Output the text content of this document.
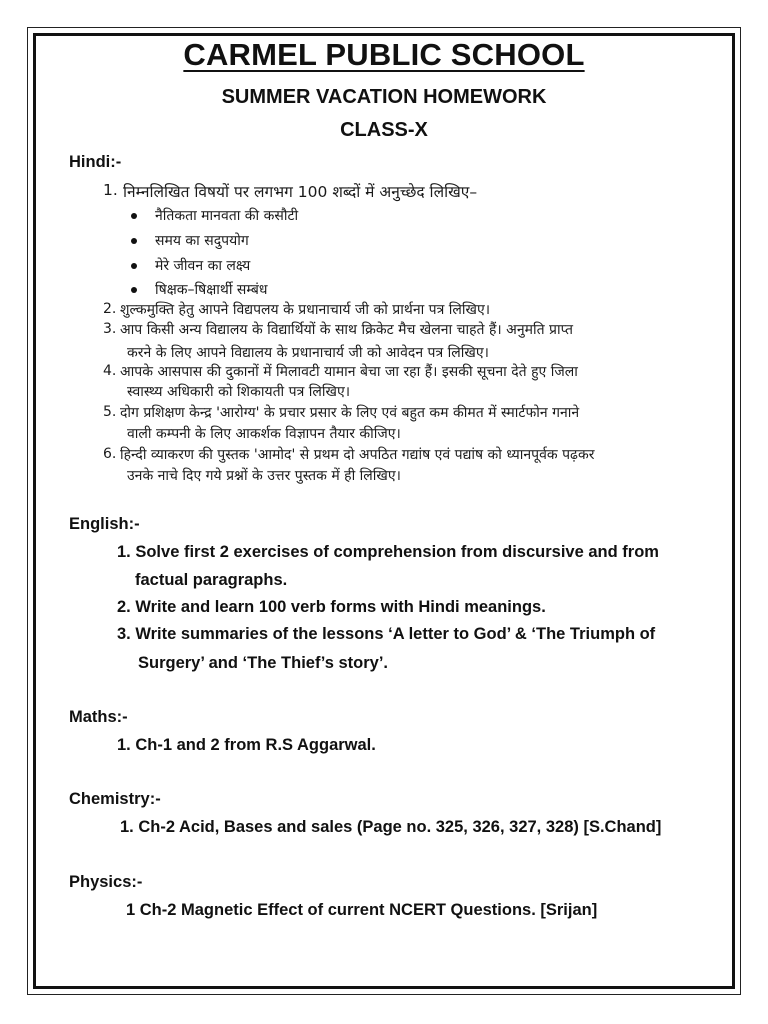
CARMEL PUBLIC SCHOOL
SUMMER VACATION HOMEWORK
CLASS-X
Hindi:-
1. निम्नलिखित विषयों पर लगभग 100 शब्दों में अनुच्छेद लिखिए–
नैतिकता मानवता की कसौटी
समय का सदुपयोग
मेरे जीवन का लक्ष्य
षिक्षक–षिक्षार्थी सम्बंध
2. शुल्कमुक्ति हेतु आपने विद्यपलय के प्रधानाचार्य जी को प्रार्थना पत्र लिखिए।
3. आप किसी अन्य विद्यालय के विद्यार्थियों के साथ क्रिकेट मैच खेलना चाहते हैं। अनुमति प्राप्त
करने के लिए आपने विद्यालय के प्रधानाचार्य जी को आवेदन पत्र लिखिए।
4. आपके आसपास की दुकानों में मिलावटी यामान बेचा जा रहा हैं। इसकी सूचना देते हुए जिला
स्वास्थ्य अधिकारी को शिकायती पत्र लिखिए।
5. दोग प्रशिक्षण केन्द्र 'आरोग्य' के प्रचार प्रसार के लिए एवं बहुत कम कीमत में स्मार्टफोन गनाने
वाली कम्पनी के लिए आकर्शक विज्ञापन तैयार कीजिए।
6. हिन्दी व्याकरण की पुस्तक 'आमोद' से प्रथम दो अपठित गद्यांष एवं पद्यांष को ध्यानपूर्वक पढ़कर
उनके नाचे दिए गये प्रश्नों के उत्तर पुस्तक में ही लिखिए।
English:-
1. Solve first 2 exercises of comprehension from discursive and from
factual paragraphs.
2. Write and learn 100 verb forms with Hindi meanings.
3. Write summaries of the lessons ‘A letter to God’ & ‘The Triumph of
Surgery’ and ‘The Thief’s story’.
Maths:-
1. Ch-1 and 2 from R.S Aggarwal.
Chemistry:-
1. Ch-2 Acid, Bases and sales (Page no. 325, 326, 327, 328) [S.Chand]
Physics:-
1 Ch-2 Magnetic Effect of current NCERT Questions. [Srijan]
